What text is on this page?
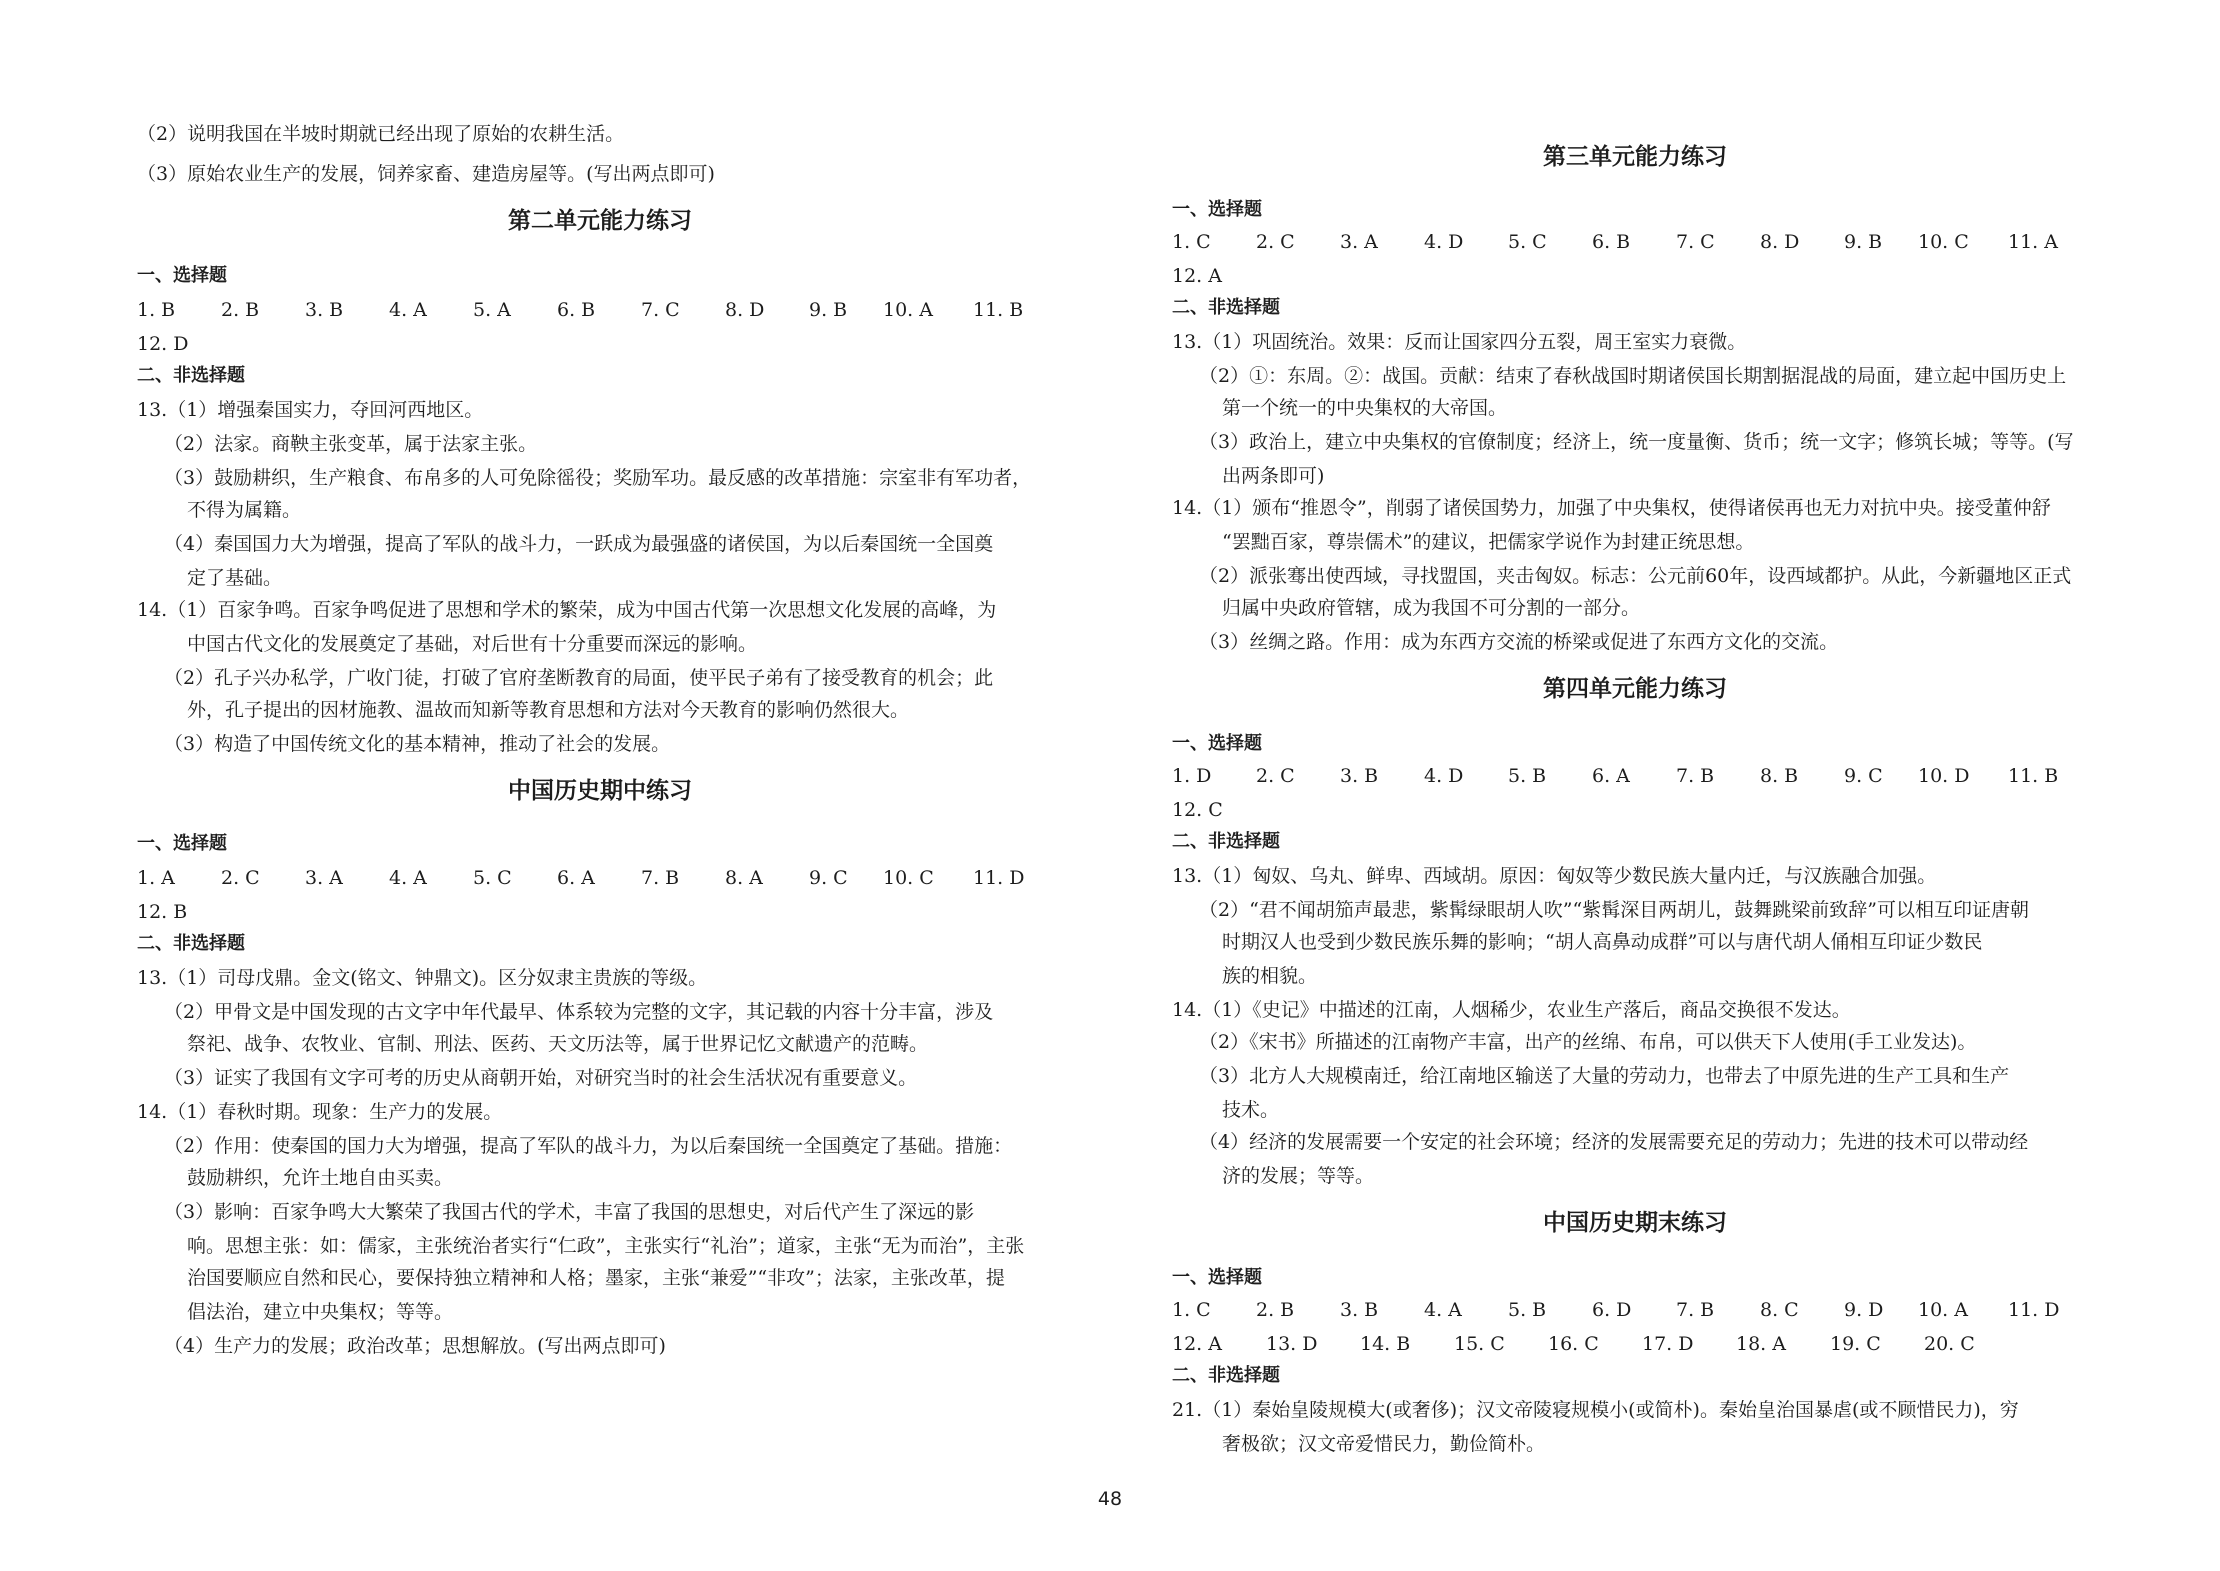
（2）说明我国在半坡时期就已经出现了原始的农耕生活。
（3）原始农业生产的发展，饲养家畜、建造房屋等。(写出两点即可)
第二单元能力练习
一、选择题
1. B 2. B 3. B 4. A 5. A 6. B 7. C 8. D 9. B 10. A 11. B
12. D
二、非选择题
13.（1）增强秦国实力，夺回河西地区。
（2）法家。商鞅主张变革，属于法家主张。
（3）鼓励耕织，生产粮食、布帛多的人可免除徭役；奖励军功。最反感的改革措施：宗室非有军功者，
不得为属籍。
（4）秦国国力大为增强，提高了军队的战斗力，一跃成为最强盛的诸侯国，为以后秦国统一全国奠
定了基础。
14.（1）百家争鸣。百家争鸣促进了思想和学术的繁荣，成为中国古代第一次思想文化发展的高峰，为
中国古代文化的发展奠定了基础，对后世有十分重要而深远的影响。
（2）孔子兴办私学，广收门徒，打破了官府垄断教育的局面，使平民子弟有了接受教育的机会；此
外，孔子提出的因材施教、温故而知新等教育思想和方法对今天教育的影响仍然很大。
（3）构造了中国传统文化的基本精神，推动了社会的发展。
中国历史期中练习
一、选择题
1. A 2. C 3. A 4. A 5. C 6. A 7. B 8. A 9. C 10. C 11. D
12. B
二、非选择题
13.（1）司母戊鼎。金文(铭文、钟鼎文)。区分奴隶主贵族的等级。
（2）甲骨文是中国发现的古文字中年代最早、体系较为完整的文字，其记载的内容十分丰富，涉及
祭祀、战争、农牧业、官制、刑法、医药、天文历法等，属于世界记忆文献遗产的范畴。
（3）证实了我国有文字可考的历史从商朝开始，对研究当时的社会生活状况有重要意义。
14.（1）春秋时期。现象：生产力的发展。
（2）作用：使秦国的国力大为增强，提高了军队的战斗力，为以后秦国统一全国奠定了基础。措施：
鼓励耕织，允许土地自由买卖。
（3）影响：百家争鸣大大繁荣了我国古代的学术，丰富了我国的思想史，对后代产生了深远的影
响。思想主张：如：儒家，主张统治者实行“仁政”，主张实行“礼治”；道家，主张“无为而治”，主张
治国要顺应自然和民心，要保持独立精神和人格；墨家，主张“兼爱”“非攻”；法家，主张改革，提
倡法治，建立中央集权；等等。
（4）生产力的发展；政治改革；思想解放。(写出两点即可)
第三单元能力练习
一、选择题
1. C 2. C 3. A 4. D 5. C 6. B 7. C 8. D 9. B 10. C 11. A
12. A
二、非选择题
13.（1）巩固统治。效果：反而让国家四分五裂，周王室实力衰微。
（2）①：东周。②：战国。贡献：结束了春秋战国时期诸侯国长期割据混战的局面，建立起中国历史上
第一个统一的中央集权的大帝国。
（3）政治上，建立中央集权的官僚制度；经济上，统一度量衡、货币；统一文字；修筑长城；等等。(写
出两条即可)
14.（1）颁布“推恩令”，削弱了诸侯国势力，加强了中央集权，使得诸侯再也无力对抗中央。接受董仲舒
“罢黜百家，尊崇儒术”的建议，把儒家学说作为封建正统思想。
（2）派张骞出使西域，寻找盟国，夹击匈奴。标志：公元前60年，设西域都护。从此，今新疆地区正式
归属中央政府管辖，成为我国不可分割的一部分。
（3）丝绸之路。作用：成为东西方交流的桥梁或促进了东西方文化的交流。
第四单元能力练习
一、选择题
1. D 2. C 3. B 4. D 5. B 6. A 7. B 8. B 9. C 10. D 11. B
12. C
二、非选择题
13.（1）匈奴、乌丸、鲜卑、西域胡。原因：匈奴等少数民族大量内迁，与汉族融合加强。
（2）“君不闻胡笳声最悲，紫髯绿眼胡人吹”“紫髯深目两胡儿，鼓舞跳梁前致辞”可以相互印证唐朝
时期汉人也受到少数民族乐舞的影响；“胡人高鼻动成群”可以与唐代胡人俑相互印证少数民
族的相貌。
14.（1）《史记》中描述的江南，人烟稀少，农业生产落后，商品交换很不发达。
（2）《宋书》所描述的江南物产丰富，出产的丝绵、布帛，可以供天下人使用(手工业发达)。
（3）北方人大规模南迁，给江南地区输送了大量的劳动力，也带去了中原先进的生产工具和生产
技术。
（4）经济的发展需要一个安定的社会环境；经济的发展需要充足的劳动力；先进的技术可以带动经
济的发展；等等。
中国历史期末练习
一、选择题
1. C 2. B 3. B 4. A 5. B 6. D 7. B 8. C 9. D 10. A 11. D
12. A 13. D 14. B 15. C 16. C 17. D 18. A 19. C 20. C
二、非选择题
21.（1）秦始皇陵规模大(或奢侈)；汉文帝陵寝规模小(或简朴)。秦始皇治国暴虐(或不顾惜民力)，穷
奢极欲；汉文帝爱惜民力，勤俭简朴。
48
